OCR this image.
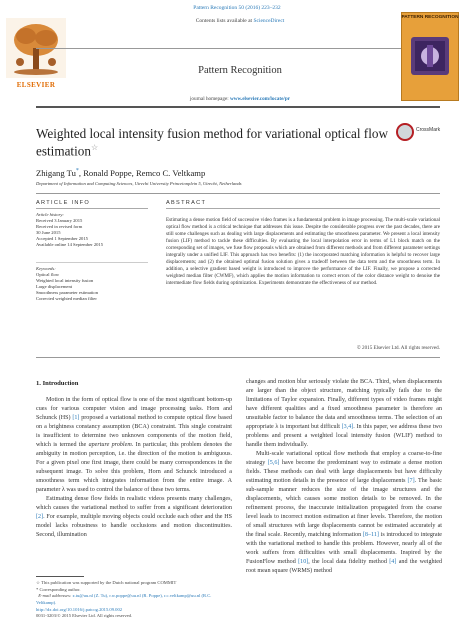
Pattern Recognition 50 (2016) 223–232
ELSEVIER
Contents lists available at ScienceDirect
Pattern Recognition
journal homepage: www.elsevier.com/locate/pr
PATTERN RECOGNITION
Weighted local intensity fusion method for variational optical flow estimation☆
CrossMark
Zhigang Tu*, Ronald Poppe, Remco C. Veltkamp
Department of Information and Computing Sciences, Utrecht University Princetonplein 5, Utrecht, Netherlands
ARTICLE INFO	ABSTRACT
Article history:
Received 3 January 2015
Received in revised form
30 June 2015
Accepted 1 September 2015
Available online 14 September 2015
Keywords:
Optical flow
Weighted local intensity fusion
Large displacement
Smoothness parameter estimation
Corrected weighted median filter
Estimating a dense motion field of successive video frames is a fundamental problem in image processing. The multi-scale variational optical flow method is a critical technique that addresses this issue. Despite the considerable progress over the past decades, there are still some challenges such as dealing with large displacements and estimating the smoothness parameter. We present a local intensity fusion (LIF) method to tackle these difficulties. By evaluating the local interpolation error in terms of L1 block match on the corresponding set of images, we fuse flow proposals which are obtained from different methods and from different parameter settings integrally under a unified LIF. This approach has two benefits: (1) the incorporated matching information is helpful to recover large displacements; and (2) the obtained optimal fusion solution gives a tradeoff between the data term and the smoothness term. In addition, a selective gradient based weight is introduced to improve the performance of the LIF. Finally, we propose a corrected weighted median filter (CWMF), which applies the motion information to correct errors of the color distance weight to denoise the intermediate flow fields during optimization. Experiments demonstrate the effectiveness of our method.
© 2015 Elsevier Ltd. All rights reserved.
1. Introduction

Motion in the form of optical flow is one of the most significant bottom-up cues for various computer vision and image processing tasks. Horn and Schunck (HS) [1] proposed a variational method to compute optical flow based on a brightness constancy assumption (BCA) constraint. This single constraint is insufficient to determine two unknown components of the motion field, which is termed the aperture problem. In particular, this problem denotes the ambiguity in motion perception, i.e. the direction of the motion is ambiguous. For a given pixel one first image, there could be many correspondences in the subsequent image. To solve this problem, Horn and Schunck introduced a smoothness term which integrates information from the entire image. A parameter λ was used to control the balance of these two terms.

Estimating dense flow fields in realistic videos presents many challenges, which causes the variational method to suffer from a significant deterioration [2]. For example, multiple moving objects could occlude each other and the HS model lacks robustness to handle occlusions and motion discontinuities. Second, illumination

changes and motion blur seriously violate the BCA. Third, when displacements are larger than the object structure, matching typically fails due to the limitations of Taylor expansion. Finally, different types of video frames might have different qualities and a fixed smoothness parameter is therefore an unsuitable factor to balance the data and smoothness terms. The selection of an appropriate λ is important but difficult [3,4]. In this paper, we address these two problems and present a weighted local intensity fusion (WLIF) method to handle them individually.

Multi-scale variational optical flow methods that employ a coarse-to-fine strategy [5,6] have become the predominant way to estimate a dense motion fields. These methods can deal with large displacements but have difficulty estimating motion details in the presence of large displacements [7]. The basic sub-sample manner reduces the size of the image structures and the displacements, which causes some motion details to be removed. In the refinement process, the inaccurate initialization propagated from the coarse level leads to incorrect motion estimation at finer levels. Therefore, the motion of small structures with large displacements cannot be estimated accurately at the final scale. Recently, matching information [8–11] is introduced to integrate with the variational method to handle this problem. However, nearly all of the work suffers from difficulties with small displacements. Inspired by the FusionFlow method [10], the local data fidelity method [4] and the weighted root mean square (WRMS) method

☆ This publication was supported by the Dutch national program COMMIT
* Corresponding author.
E-mail addresses: z.tu@uu.nl (Z. Tu), r.w.poppe@uu.nl (R. Poppe), r.c.veltkamp@uu.nl (R.C. Veltkamp).
http://dx.doi.org/10.1016/j.patcog.2015.09.002
0031-3203/© 2015 Elsevier Ltd. All rights reserved.
